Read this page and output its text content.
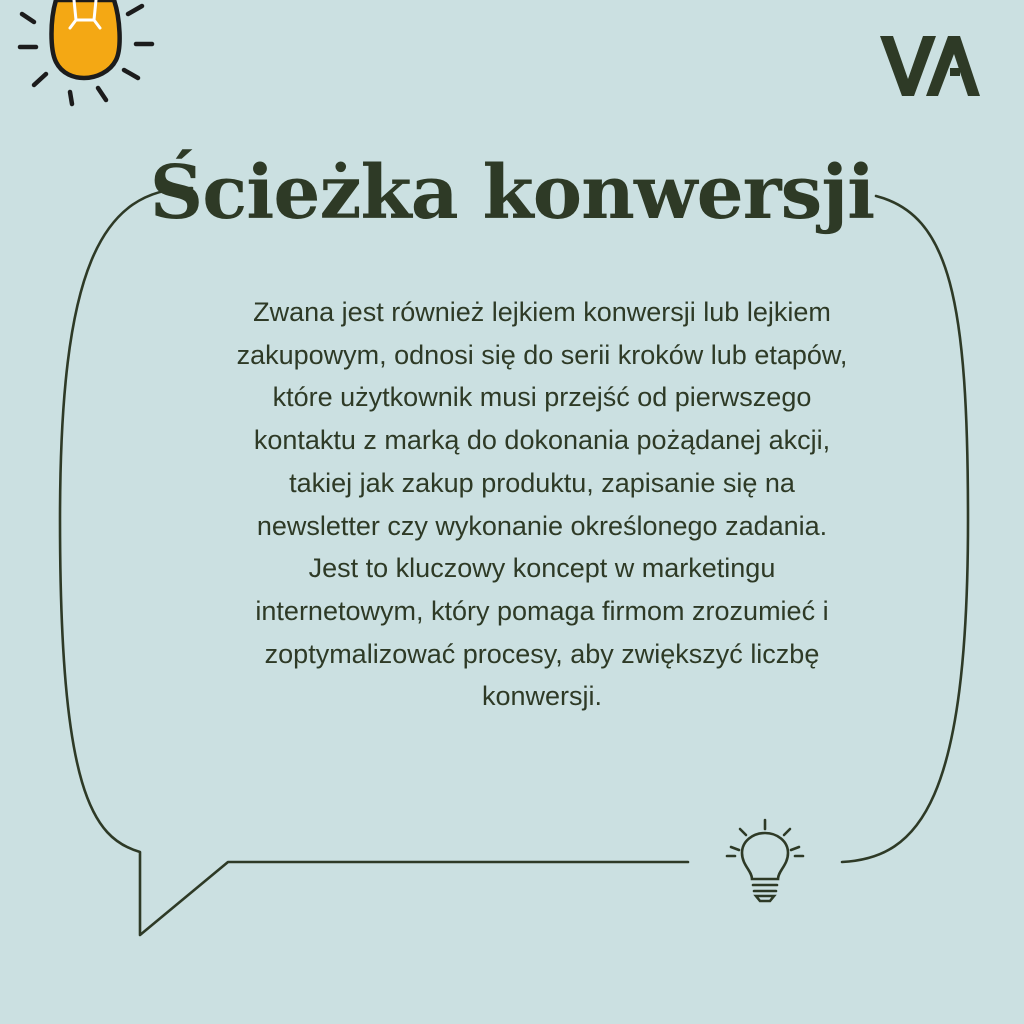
Ścieżka konwersji

Zwana jest również lejkiem konwersji lub lejkiem zakupowym, odnosi się do serii kroków lub etapów, które użytkownik musi przejść od pierwszego kontaktu z marką do dokonania pożądanej akcji, takiej jak zakup produktu, zapisanie się na newsletter czy wykonanie określonego zadania. Jest to kluczowy koncept w marketingu internetowym, który pomaga firmom zrozumieć i zoptymalizować procesy, aby zwiększyć liczbę konwersji.
